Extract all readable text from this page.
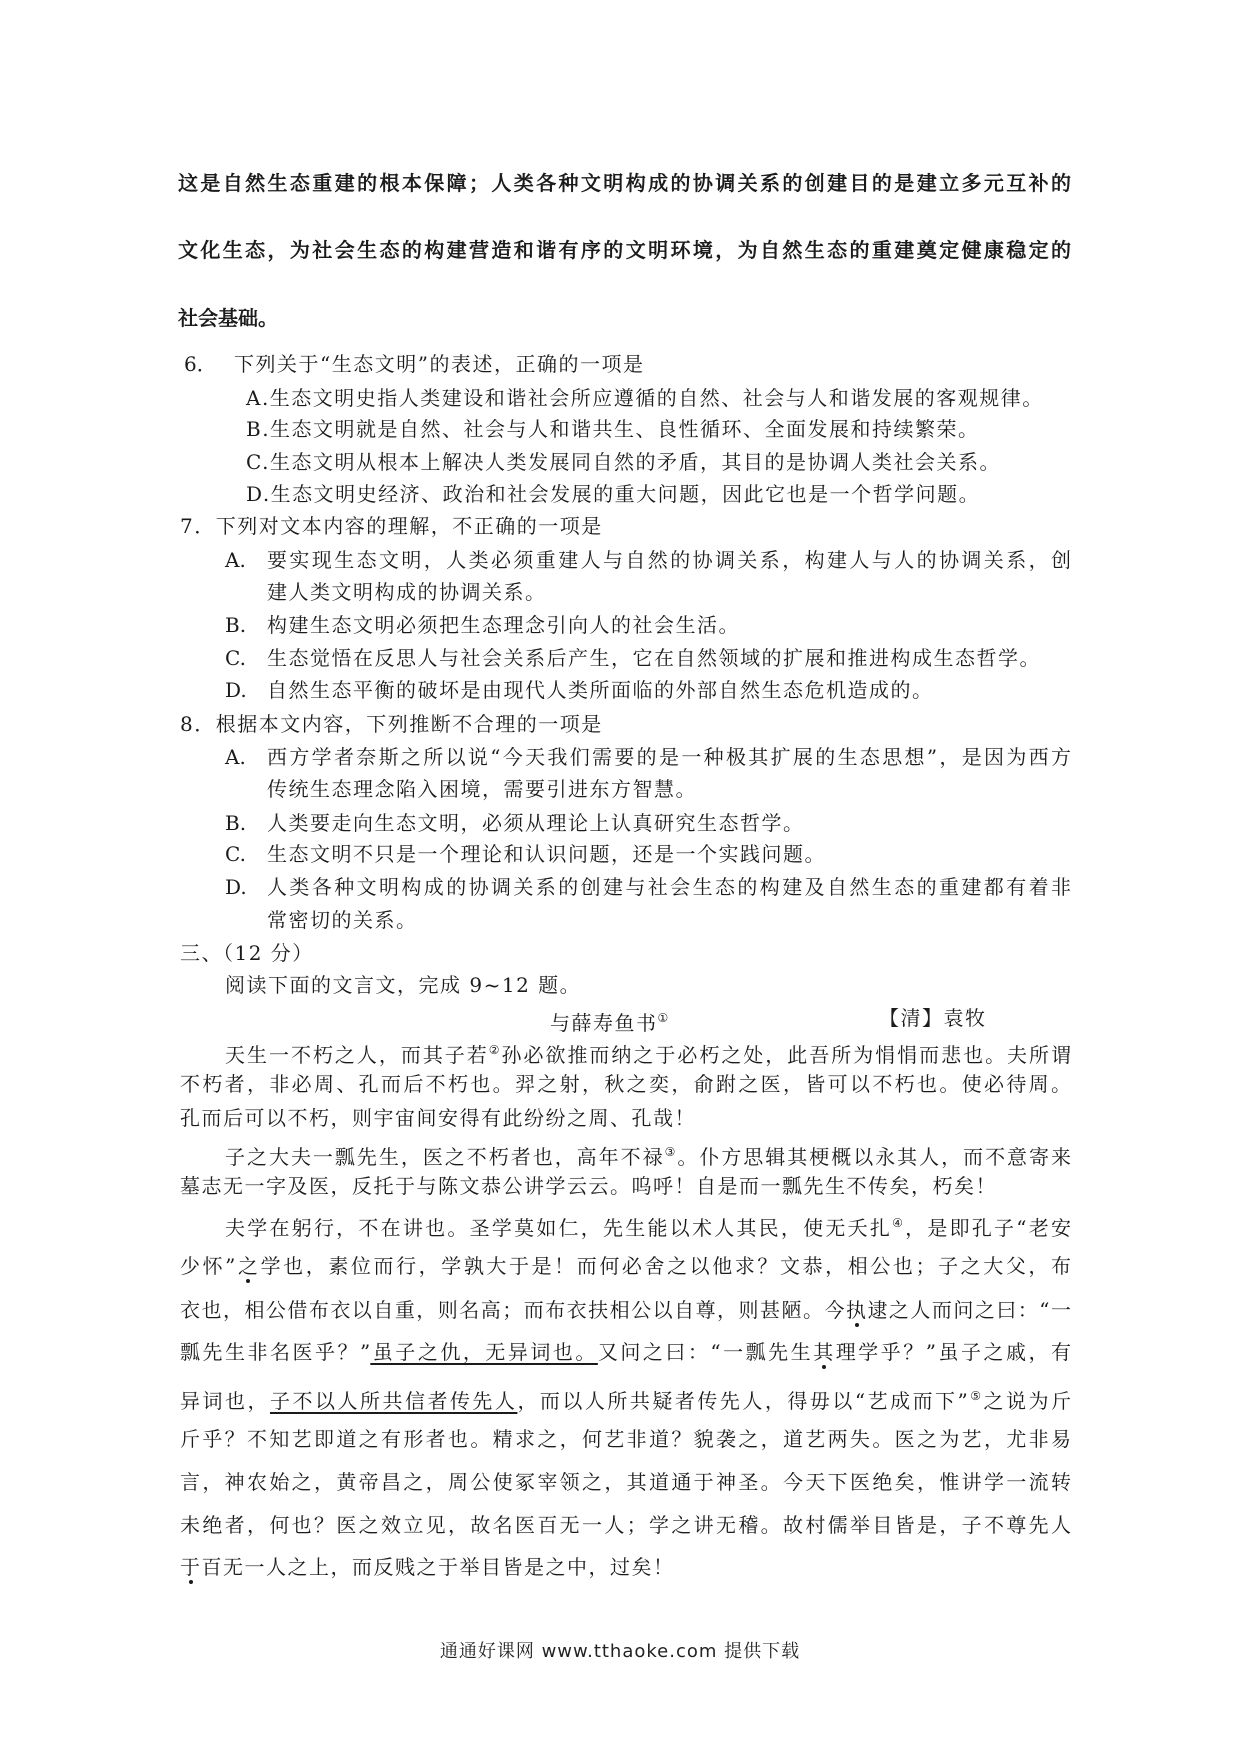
这是自然生态重建的根本保障；人类各种文明构成的协调关系的创建目的是建立多元互补的
文化生态，为社会生态的构建营造和谐有序的文明环境，为自然生态的重建奠定健康稳定的
社会基础。
6． 下列关于“生态文明”的表述，正确的一项是
A.生态文明史指人类建设和谐社会所应遵循的自然、社会与人和谐发展的客观规律。
B.生态文明就是自然、社会与人和谐共生、良性循环、全面发展和持续繁荣。
C.生态文明从根本上解决人类发展同自然的矛盾，其目的是协调人类社会关系。
D.生态文明史经济、政治和社会发展的重大问题，因此它也是一个哲学问题。
7．下列对文本内容的理解，不正确的一项是
A. 要实现生态文明，人类必须重建人与自然的协调关系，构建人与人的协调关系，创
建人类文明构成的协调关系。
B. 构建生态文明必须把生态理念引向人的社会生活。
C. 生态觉悟在反思人与社会关系后产生，它在自然领域的扩展和推进构成生态哲学。
D. 自然生态平衡的破坏是由现代人类所面临的外部自然生态危机造成的。
8．根据本文内容，下列推断不合理的一项是
A. 西方学者奈斯之所以说“今天我们需要的是一种极其扩展的生态思想”，是因为西方
传统生态理念陷入困境，需要引进东方智慧。
B. 人类要走向生态文明，必须从理论上认真研究生态哲学。
C. 生态文明不只是一个理论和认识问题，还是一个实践问题。
D. 人类各种文明构成的协调关系的创建与社会生态的构建及自然生态的重建都有着非
常密切的关系。
三、（12 分）
阅读下面的文言文，完成 9~12 题。
与薛寿鱼书①	【清】袁牧
天生一不朽之人，而其子若②孙必欲推而纳之于必朽之处，此吾所为悁悁而悲也。夫所谓
不朽者，非必周、孔而后不朽也。羿之射，秋之奕，俞跗之医，皆可以不朽也。使必待周。
孔而后可以不朽，则宇宙间安得有此纷纷之周、孔哉！
子之大夫一瓢先生，医之不朽者也，高年不禄③。仆方思辑其梗概以永其人，而不意寄来
墓志无一字及医，反托于与陈文恭公讲学云云。呜呼！自是而一瓢先生不传矣，朽矣！
夫学在躬行，不在讲也。圣学莫如仁，先生能以术人其民，使无夭扎④，是即孔子“老安
少怀”之学也，素位而行，学孰大于是！而何必舍之以他求？文恭，相公也；子之大父，布
衣也，相公借布衣以自重，则名高；而布衣扶相公以自尊，则甚陋。今执逮之人而问之曰：“一
瓢先生非名医乎？”虽子之仇，无异词也。又问之曰：“一瓢先生其理学乎？”虽子之戚，有
异词也，子不以人所共信者传先人，而以人所共疑者传先人，得毋以“艺成而下”⑤之说为斤
斤乎？不知艺即道之有形者也。精求之，何艺非道？貌袭之，道艺两失。医之为艺，尤非易
言，神农始之，黄帝昌之，周公使冢宰领之，其道通于神圣。今天下医绝矣，惟讲学一流转
未绝者，何也？医之效立见，故名医百无一人；学之讲无稽。故村儒举目皆是，子不尊先人
于百无一人之上，而反贱之于举目皆是之中，过矣！
通通好课网 www.tthaoke.com 提供下载
